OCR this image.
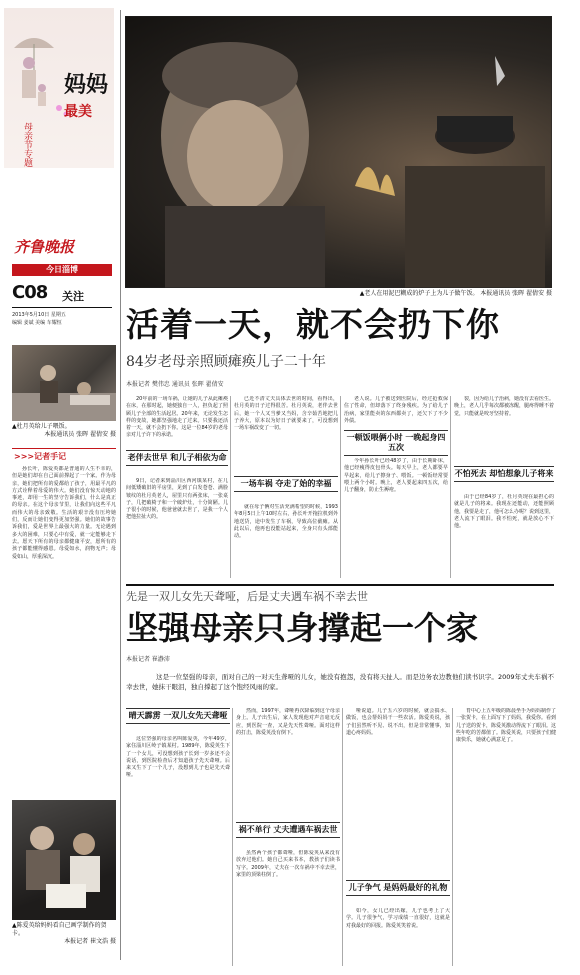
妈妈
最美
母亲节专题
齐鲁晚报
今日淄博
C08 关注
2013年5月10日 星期五
编辑 姜斌 美编 车耀恒
▲杜月英给儿子喂饭。
本报通讯员 张晖 翟倩安 摄
>>>记者手记
孙长叶，陈爱英都是普通的人生不幸的，但是她们却在自己面前撑起了一个家。作为母亲，她们把所有的爱都给了孩子，用最平凡的方式诠释着母爱的伟大。她们没有惊天动地的事迹，却用一生的坚守告诉我们，什么是真正的母亲。在这个母亲节里，让我们向这些平凡而伟大的母亲致敬。生活的艰辛没有压垮她们，反而让她们变得更加坚强。她们的故事告诉我们，爱是世界上最强大的力量。无论遇到多大的困难，只要心中有爱，就一定能够走下去。愿天下所有的母亲都健康平安，愿所有的孩子都能懂得感恩。母爱如水，润物无声；母爱如山，厚重深沉。
▲老人在用泥巴糊成的炉子上为儿子做午饭。 本报通讯员 张晖 翟倩安 摄
活着一天，就不会扔下你
84岁老母亲照顾瘫痪儿子二十年
本报记者 樊伟忠 通讯员 张晖 翟倩安
20年前的一场车祸，让她的儿子从此瘫痪在床，在那时起，她便独自一人，担负起了照顾儿子全部的生活起居。20年来，无论发生怎样的变故，她都坚强地走了过来。只要我还活着一天，就不会扔下你。这是一位84岁的老母亲对儿子许下的承诺。
老伴去世早 和儿子相依为命
9日，记者来到淄川区西河镇某村，在几间低矮破旧的平房里，见到了白发苍苍、满脸皱纹的杜月英老人，屋里只有两张床，一张桌子，几把破椅子和一个破炉灶，十分简陋。儿子很小的时候，他爸爸就去世了，是我一个人把他拉扯大的。
已近不清丈夫具体去世的时间，看得出，杜月英的日子过得很苦。杜月英说，老伴去世后，她一个人又当爹又当妈，含辛茹苦地把儿子养大，原本以为好日子就要来了，可没想到一场车祸改变了一切。
一场车祸 夺走了始的幸福
就在母子俩对生活充满希望的时候，1993年8月5日上午10时左右，孙长叶开拖拉机到外地送货，途中发生了车祸，导致高位截瘫。从此以后，他再也没能站起来，全身只有头部能动。
老人说。儿子被送到医院后，经过抢救保住了性命，但却落下了终身残疾。为了给儿子治病，家里能卖的东西都卖了，还欠下了不少外债。
一顿饭喂俩小时 一晚起身四五次
今年孙长叶已经48岁了，由于长期卧床，他已经瘦得皮包骨头。每天早上，老人都要早早起来，给儿子擦身子、喂饭。一顿饭经常要喂上两个小时。晚上，老人要起来四五次，给儿子翻身，防止生褥疮。
裂，因为给儿子治病，她没有去看医生。晚上，老人几乎每次都被冻醒，腿疼得睡不着觉，只能就是咬牙坚持着。
不怕死去 却怕想象儿子将来
由于已经84岁了，杜月英现在最担心的就是儿子的将来。我现在还能动，还能照顾他，我要是走了，他可怎么办呢？说到这里，老人流下了眼泪。我不怕死，就是放心不下他。
先是一双儿女先天聋哑，后是丈夫遇车祸不幸去世
坚强母亲只身撑起一个家
本报记者 崔瀞沛
这是一位坚强的母亲，面对自己的一对天生聋哑的儿女，她没有抱怨，没有将天扯人。而是边务农边教他们读书识字。2009年丈夫车祸不幸去世，她抹干眼泪，独自撑起了这个饱经风雨的家。
▲陈爱英给妈妈看自己画学制作的贺卡。
本报记者 崔文浩 摄
晴天霹雳 一双儿女先天聋哑
这位坚强的母亲名叫陈爱英，今年49岁，家住淄川区岭子镇某村。1989年，陈爱英生下了一个女儿，可没想到孩子长到一岁多还不会说话，到医院检查后才知道孩子先天聋哑。后来又生下了一个儿子，没想到儿子也是先天聋哑。
然而，1997年，聋哑再次降临到这个母亲身上。儿子出生后，家人发现他对声音毫无反应，到医院一查，又是先天性聋哑。面对这样的打击，陈爱英没有倒下。
祸不单行 丈夫遭遇车祸去世
虽然两个孩子都聋哑，但陈爱英从来没有放弃过他们。她自己买来书本，教孩子们读书写字。2009年，丈夫在一次车祸中不幸去世，家里的顶梁柱倒了。
哑说道。儿子五六岁的时候，就会搞水、做饭，也会帮妈妈干一些农活。陈爱英说，孩子们虽然听不见、说不出，但是非常懂事，知道心疼妈妈。
儿子争气 是妈妈最好的礼物
如今，女儿已经出嫁，儿子也考上了大学。儿子很争气，学习成绩一直很好，这就是对我最好的回报。陈爱英笑着说。
育中心上五年级的陈晨坐手为妈妈制作了一张贺卡，在上面写下了妈妈，我爱你。看到儿子送的贺卡，陈爱英激动得流下了眼泪。这些年吃的苦都值了。陈爱英说，只要孩子们健康快乐，她就心满意足了。
